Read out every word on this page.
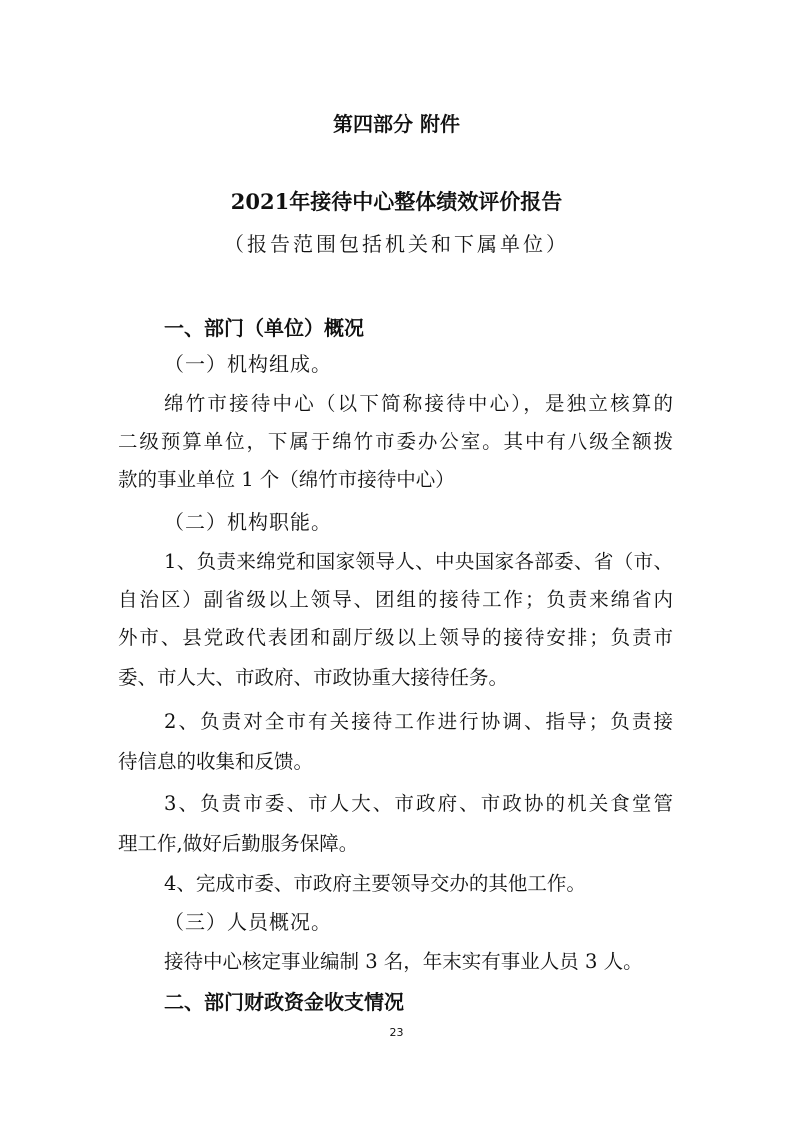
第四部分 附件
2021年接待中心整体绩效评价报告
（报告范围包括机关和下属单位）
一、部门（单位）概况
（一）机构组成。
绵竹市接待中心（以下简称接待中心），是独立核算的
二级预算单位，下属于绵竹市委办公室。其中有八级全额拨
款的事业单位 1 个（绵竹市接待中心）
（二）机构职能。
1、负责来绵党和国家领导人、中央国家各部委、省（市、
自治区）副省级以上领导、团组的接待工作；负责来绵省内
外市、县党政代表团和副厅级以上领导的接待安排；负责市
委、市人大、市政府、市政协重大接待任务。
2、负责对全市有关接待工作进行协调、指导；负责接
待信息的收集和反馈。
3、负责市委、市人大、市政府、市政协的机关食堂管
理工作,做好后勤服务保障。
4、完成市委、市政府主要领导交办的其他工作。
（三）人员概况。
接待中心核定事业编制 3 名，年末实有事业人员 3 人。
二、部门财政资金收支情况
23
